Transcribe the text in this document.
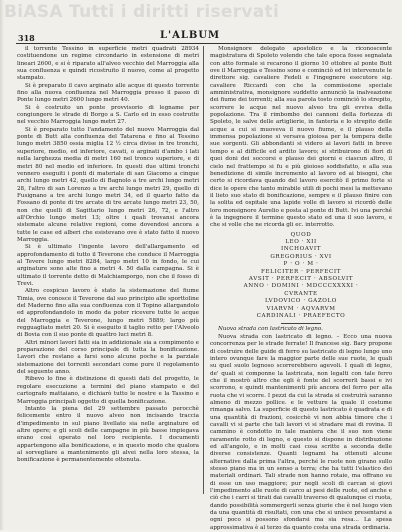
BiASA Tutti i diritti riservati
318	L'ALBUM

il torrente Tessino in superficie metri quadrati 28934 costituendone un regime circondario in estensione di metri lineari 2600, e si è riparato all'alveo vecchio del Marroggia alla sua confluenza e quindi ricostruito il nuovo, come al progetto stampato.

Si è preparato il cavo arginato alle acque di questo torrente fino alla nuova confluenza nel Marroggia presso il passo di Ponte lungo metri 2600 lungo metri 40.

Si è costruito un ponte provvisorio di legname per congiungere le strade di Borgo a S. Carlo ed in esso costrutte nel vecchio Marroggia lungo metri 27.

Si è preparato tutto l'andamento del nuovo Marroggia dal ponte di Butt alla confluenza del Tatarena e fino al Tessino lungo metri 3850 ossia miglia 12 ½ circa divise in tre tronchi, superiore, medio, ed inferiore, cavati, o arginati d'ambo i lati nella larghezza media di metri 160 nel tronco superiore, e di metri 80 nel medio ed inferiore. In questi due ultimi tronchi vennero eseguiti i ponti di materiale di san Giacomo a cinque archi lungo metri 42, quello di Bagnolo a tre archi lungo metri 28, l'altro di san Lorenzo a tre archi lungo metri 29, quello di Fusignano a tre archi lungo metri 34, ed il quarto fatto da Fossano di ponte di tre arcate di tre arcate lungo metri 23, 50, non che quelli di Sagittario lungo metri 26, 72, e l'altro all'Orchio lungo metri 13; oltre i quali trovansi ancora sistemate alcune relative regioni, come dovendosi ancora a tutte le case ed alberi che esistevano ove è stato fatto il nuovo Marroggia.

Si è ultimato l'ingente lavoro dell'allargamento ed approfondamento di tutto il Teverone che conduce il Marroggia al Tevere lungo metri 8284, largo metri 10 in fondo, le cui arginature sono alte fino a metri 4. 50 dalla campagna. Si è ultimato il torrente detto di Malchiamporgo, non che il fosso di Trevi.

Altro cospicuo lavoro è stato la sistemazione del fiume Timia, ove conosce il Teverone dal suo principio alle sporttoline del Maderno fino alla sua confluenza con il Topino allargandolo ed approfondandolo in modo da poter ricevere tutte le acque del Marroggia e Teverone, lungo metri 5889; largo più regguagliato metri 20. Si è eseguito il taglio retto per l'Alveolo di Bovia con il suo ponte di quattro luci metri 8.

Altri minori lavori fatti sia in addizionale sia a compimento e preparazione del corso principale di tutta la bonificazione. Lavori che restano a farsi sono alcune poche e la parziale sistemazione dei torrenti secondari come pure il regolamento del seguente anno.

Ribevo lo fine è distinzione di questi dati del progetto, le regolare esecuzione a termini del piano stampato e del cartografo mattaiano, e dichiarò tutto le nostre e la Tassino e Marroggia principali oggetto di quella bonificazione.

Intanto la piena del 29 settembre passato perocchè felicemente entro il nuovo alveo non incisando traccia d'impedimento in sul piano livellato sia nelle arginature ed altre opere; e gli scoli delle campagne in più basse impiegava erano così operato nel loro recipiente. I documenti appartengono alla bonificazione, e in questo modo che qualora al sorvegliare a mantenimento gli alvei nella loro stessa, la bonificazione è permanentemente ottenuta.

Monsignore delegato apostolico e la riconoscente magistratura di Spoleto volendo che tale epoca fosse segnalata con atto formale si recarono il giorno 10 ottobre al ponte Butt ove il Marroggia e Tessino sono e cominciò ed ivi intervenute le direttore sig. cavaliere Fedeli e l'ingegnere esecutore sig. cavaliere Riccardi con che la commissione speciale amministrativa, monsignore suddetto annunciò la inalveazione dei fiume dei torrenti; alla sua parola tosto cominciò lo strepito, scorrere le acque nel nuovo alveo tra gli evviva della popolazione. Tra il rimbombo dei cannoni della fortezza di Spoleto, le salve delle artiglierie, in fanteria e lo strepito delle acque a cui si muoveva il nuovo fiume, e il plauso della immensa popolazione si versava gioiosa per la tempera delle sue sorgenti. Gli abbondanti si videro ai lavori fatti in breve tempo e al difficile ed ardito lavoro; si stribuirono di fiori di quei doni dei soccorsi e plauso dei giorni e ciascun altro, il cielo nel frattempo si fu e più gioioso soddisfatto, e alla sua benedizione di simile incremento al lavoro ed ai bisogni, che certo si ricordava quando del lavoro esercitò il primo forte si dice le opere che tanto mirabile utili di pochi mesi la mettevano il lieto suo stato di bonificazione, sempre e il plauso finire con la solita ed ospitale una lapide volle di lavoro si ricordò delle loro monsignore Aurelio e posta al ponte di Butt. Ivi una perché è la ingegnere il termine questo stato ed una il suo lavoro, e che si volle che ne ricorda gli ec. interrotto.

QUOD
LEO · XII
INCHOAVIT
GREGORIUS · XVI
P · O · M ·
FELICITER · PERFECIT
AVSIT · PERFECIT · ABSOLVIT
ANNO · DOMINI · MDCCCXXXXI ·
CVRANTE
LVDOVICO · GAZOLO
VIARVM · AQVARVM
CARDINALI · PRAEFECTO

Nuova strada con lastricato di legno.

Nuova strada con lastricato di legno. – Ecco una nuova concorrenza per le strade ferrate! Il francese sig. Bary propone di costruire delle guide di ferro su lastricato di legno lungo uno intero ovunque fare la maggior parte delle sue ruote, le quali su quel suolo legnoso scorrerebbero agevoli. I quali di legno, de' quali si componne la lastricata, non legalti con tale ferro che il mostrò altro che egli è fonte del scorrerli bassi e ivi scorrono, e quindi mantenimenti più ancora del ferro per alla ruota che vi scorre. I pezzi da cui la strada si costruirà saranno almeno di mezzo pollice. e le vetture la quale il costume rimanga salvo. La superficie di questo lastricato è quadrata e di una quantità di frazioni, cosicchè vi non abbia timore che i cavalli vi si parte che tali lavori vi si stradare mai di rovina. Il cammino è condotto in tale maniera che il suo non viene raramente rotto di legno, e questo si dispone in distribuzione ed all'angolo, e in molti casi cosa scritte a seconda delle diverse consistenze. Quanti legnami ha ottenuti alcune alternative dalla prima l'altra, perché le ruote non girano sullo stesso piano ma in un senso a terra; che ha tutti l'elastico dei materiali ordinari. Tali strade non hanno rotaie, ma offrano su di esse un uso maggiore; pur negli scoli di carcan si giovi l'impedimento alle ruote di carco ai pesi delle ruote, ed anche e ciò che i carri si tirati dai cavalli traverso di qualunque ci ruota, dando possibilità sommergerli senza giurie che è nel luogo vien da una quantità di risultati, con una che si unisce presentarsi a ogni poco si possono sfondarsi ma sia resa... La spesa approssimativa è al terzo da quanto costa una strada ordinaria.
